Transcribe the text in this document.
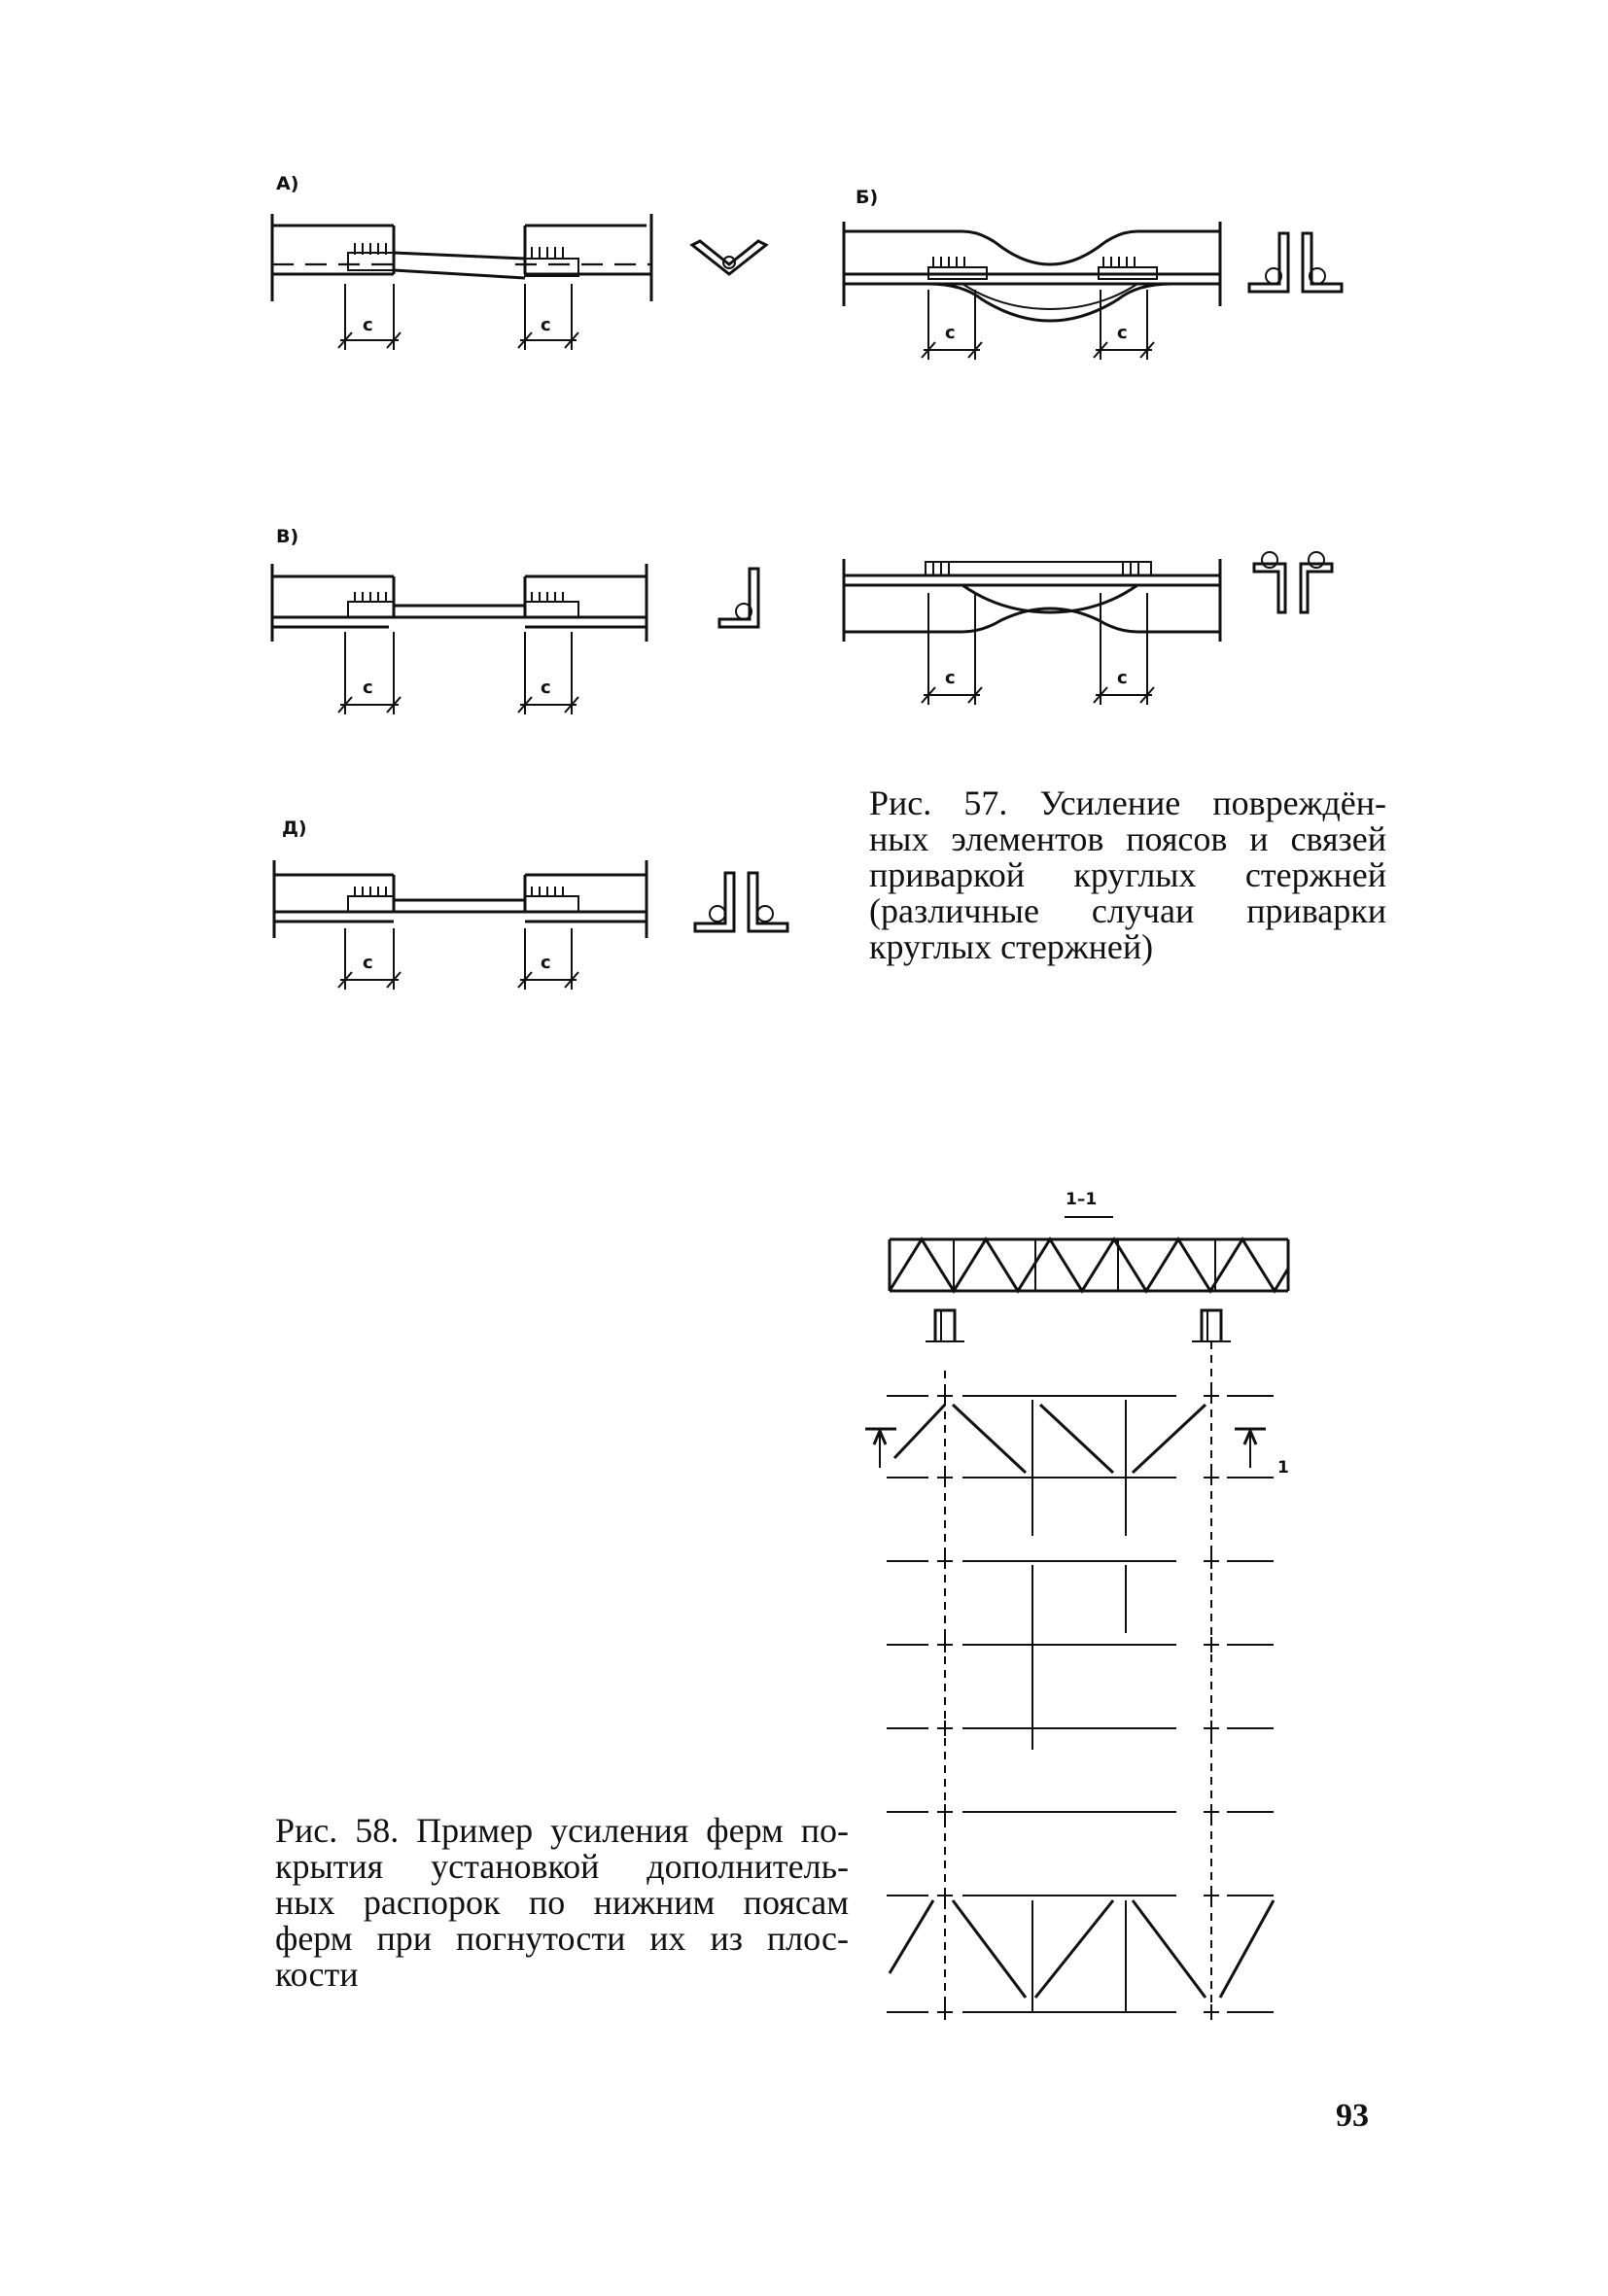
А)
Б)
В)
Д)
с	с	с	с
с	с	с	с
с	с
Рис. 57. Усиление повреждён-
ных элементов поясов и связей
приваркой круглых стержней
(различные случаи приварки
круглых стержней)
1–1
1
Рис. 58. Пример усиления ферм по-
крытия установкой дополнитель-
ных распорок по нижним поясам
ферм при погнутости их из плос-
кости
93
